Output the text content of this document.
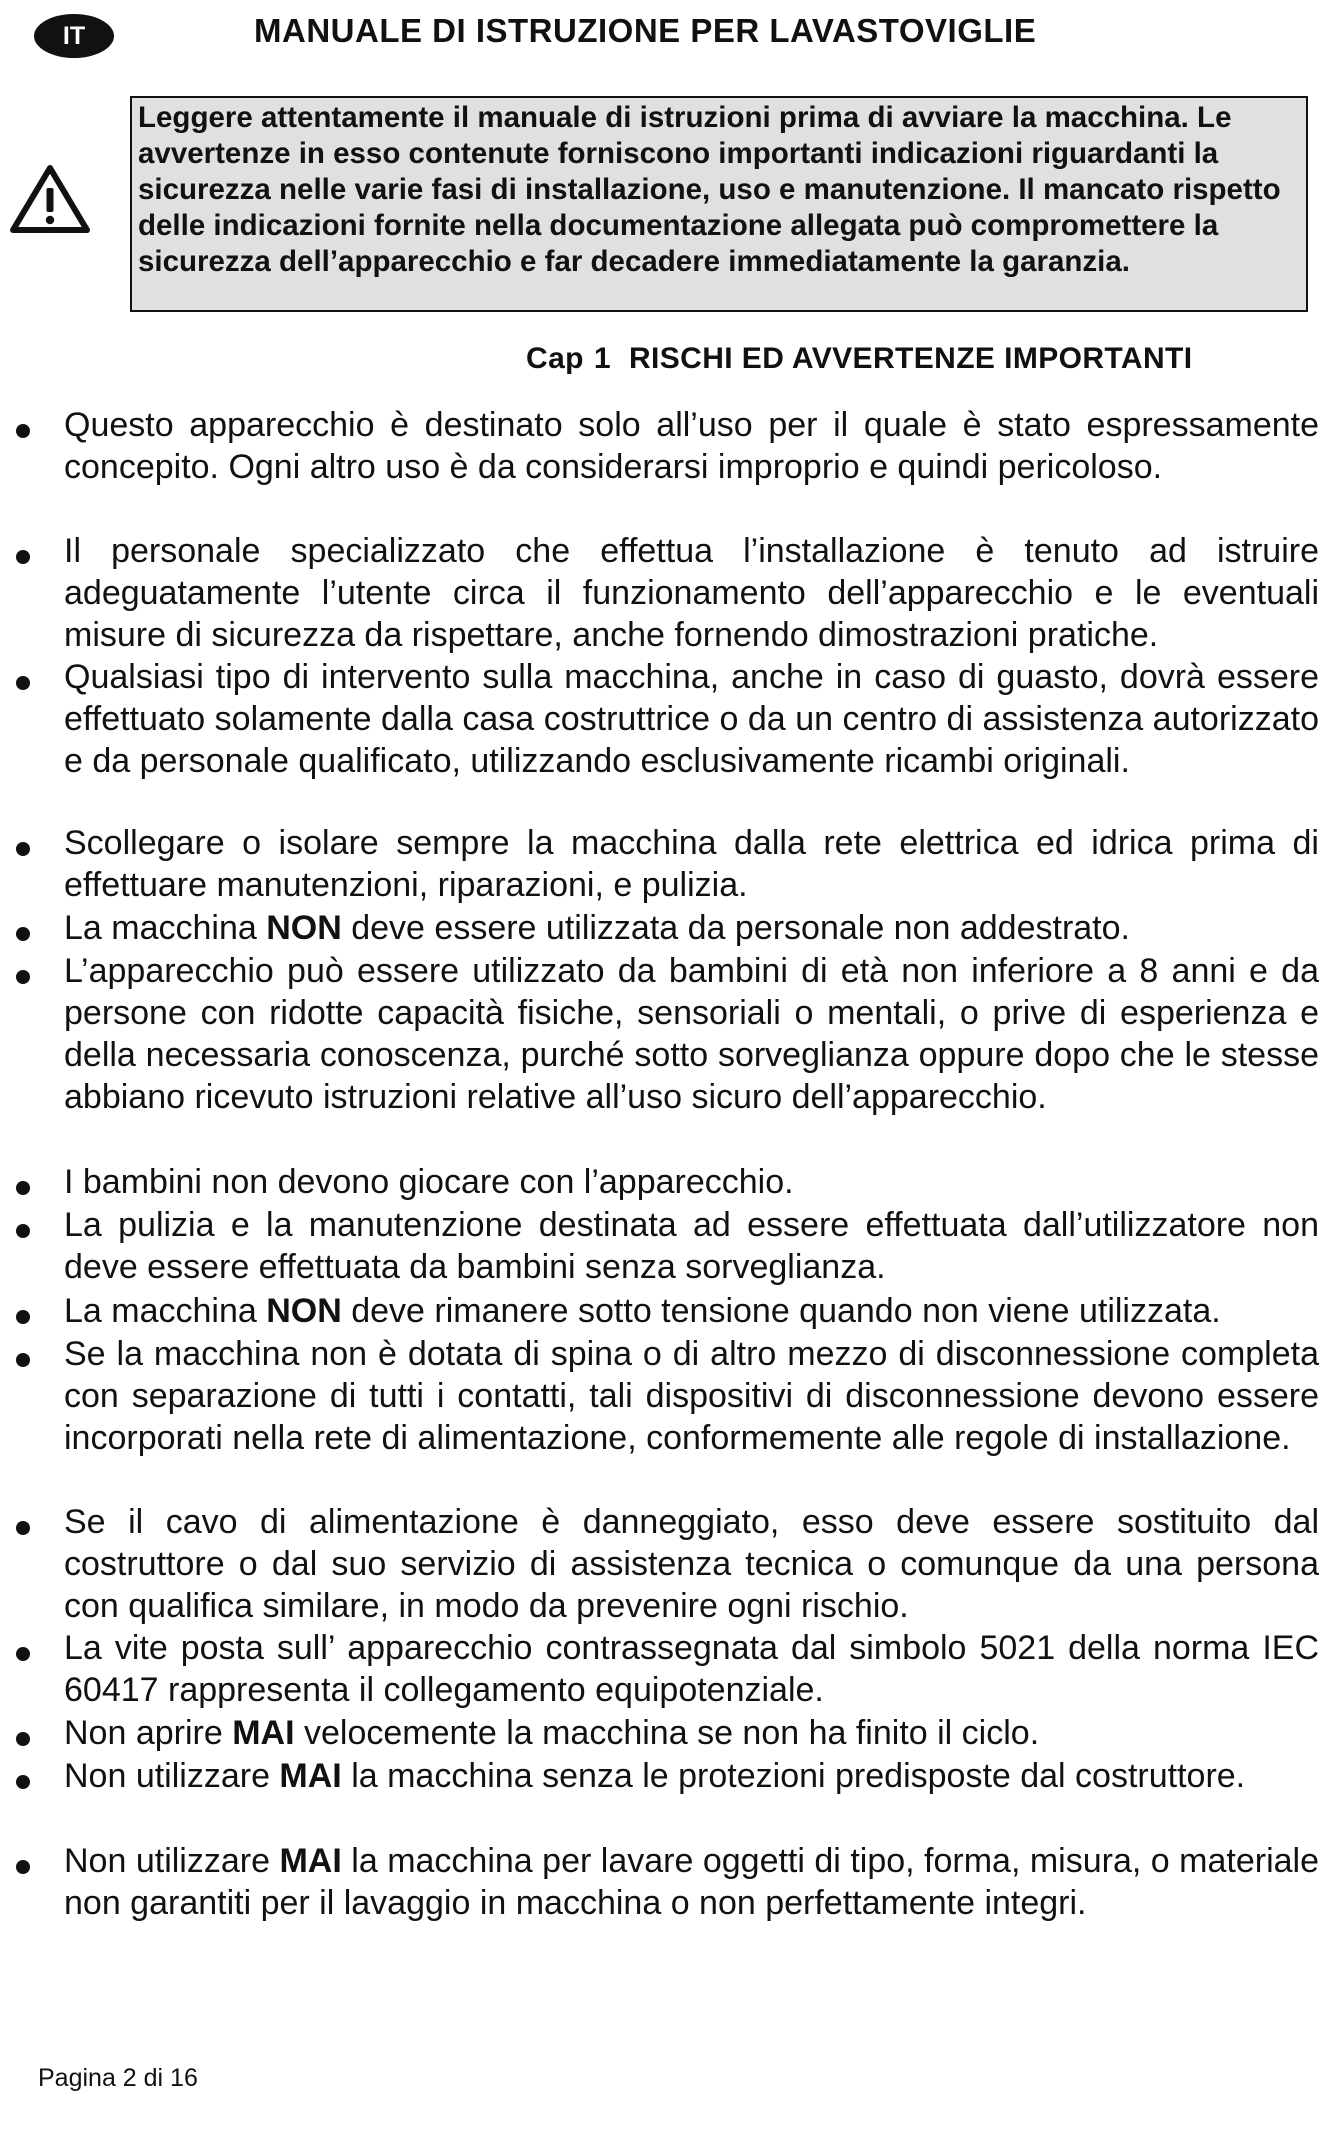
IT	MANUALE DI ISTRUZIONE PER LAVASTOVIGLIE
Leggere attentamente il manuale di istruzioni prima di avviare la macchina. Le avvertenze in esso contenute forniscono importanti indicazioni riguardanti la sicurezza nelle varie fasi di installazione, uso e manutenzione. Il mancato rispetto delle indicazioni fornite nella documentazione allegata può compromettere la sicurezza dell’apparecchio e far decadere immediatamente la garanzia.
Cap 1 RISCHI ED AVVERTENZE IMPORTANTI

Questo apparecchio è destinato solo all’uso per il quale è stato espressamente concepito. Ogni altro uso è da considerarsi improprio e quindi pericoloso.

Il personale specializzato che effettua l’installazione è tenuto ad istruire adeguatamente l’utente circa il funzionamento dell’apparecchio e le eventuali misure di sicurezza da rispettare, anche fornendo dimostrazioni pratiche.

Qualsiasi tipo di intervento sulla macchina, anche in caso di guasto, dovrà essere effettuato solamente dalla casa costruttrice o da un centro di assistenza autorizzato e da personale qualificato, utilizzando esclusivamente ricambi originali.

Scollegare o isolare sempre la macchina dalla rete elettrica ed idrica prima di effettuare manutenzioni, riparazioni, e pulizia.

La macchina NON deve essere utilizzata da personale non addestrato.

L’apparecchio può essere utilizzato da bambini di età non inferiore a 8 anni e da persone con ridotte capacità fisiche, sensoriali o mentali, o prive di esperienza e della necessaria conoscenza, purché sotto sorveglianza oppure dopo che le stesse abbiano ricevuto istruzioni relative all’uso sicuro dell’apparecchio.

I bambini non devono giocare con l’apparecchio.

La pulizia e la manutenzione destinata ad essere effettuata dall’utilizzatore non deve essere effettuata da bambini senza sorveglianza.

La macchina NON deve rimanere sotto tensione quando non viene utilizzata.

Se la macchina non è dotata di spina o di altro mezzo di disconnessione completa con separazione di tutti i contatti, tali dispositivi di disconnessione devono essere incorporati nella rete di alimentazione, conformemente alle regole di installazione.

Se il cavo di alimentazione è danneggiato, esso deve essere sostituito dal costruttore o dal suo servizio di assistenza tecnica o comunque da una persona con qualifica similare, in modo da prevenire ogni rischio.

La vite posta sull’ apparecchio contrassegnata dal simbolo 5021 della norma IEC 60417 rappresenta il collegamento equipotenziale.

Non aprire MAI velocemente la macchina se non ha finito il ciclo.

Non utilizzare MAI la macchina senza le protezioni predisposte dal costruttore.

Non utilizzare MAI la macchina per lavare oggetti di tipo, forma, misura, o materiale non garantiti per il lavaggio in macchina o non perfettamente integri.

Pagina 2 di 16
